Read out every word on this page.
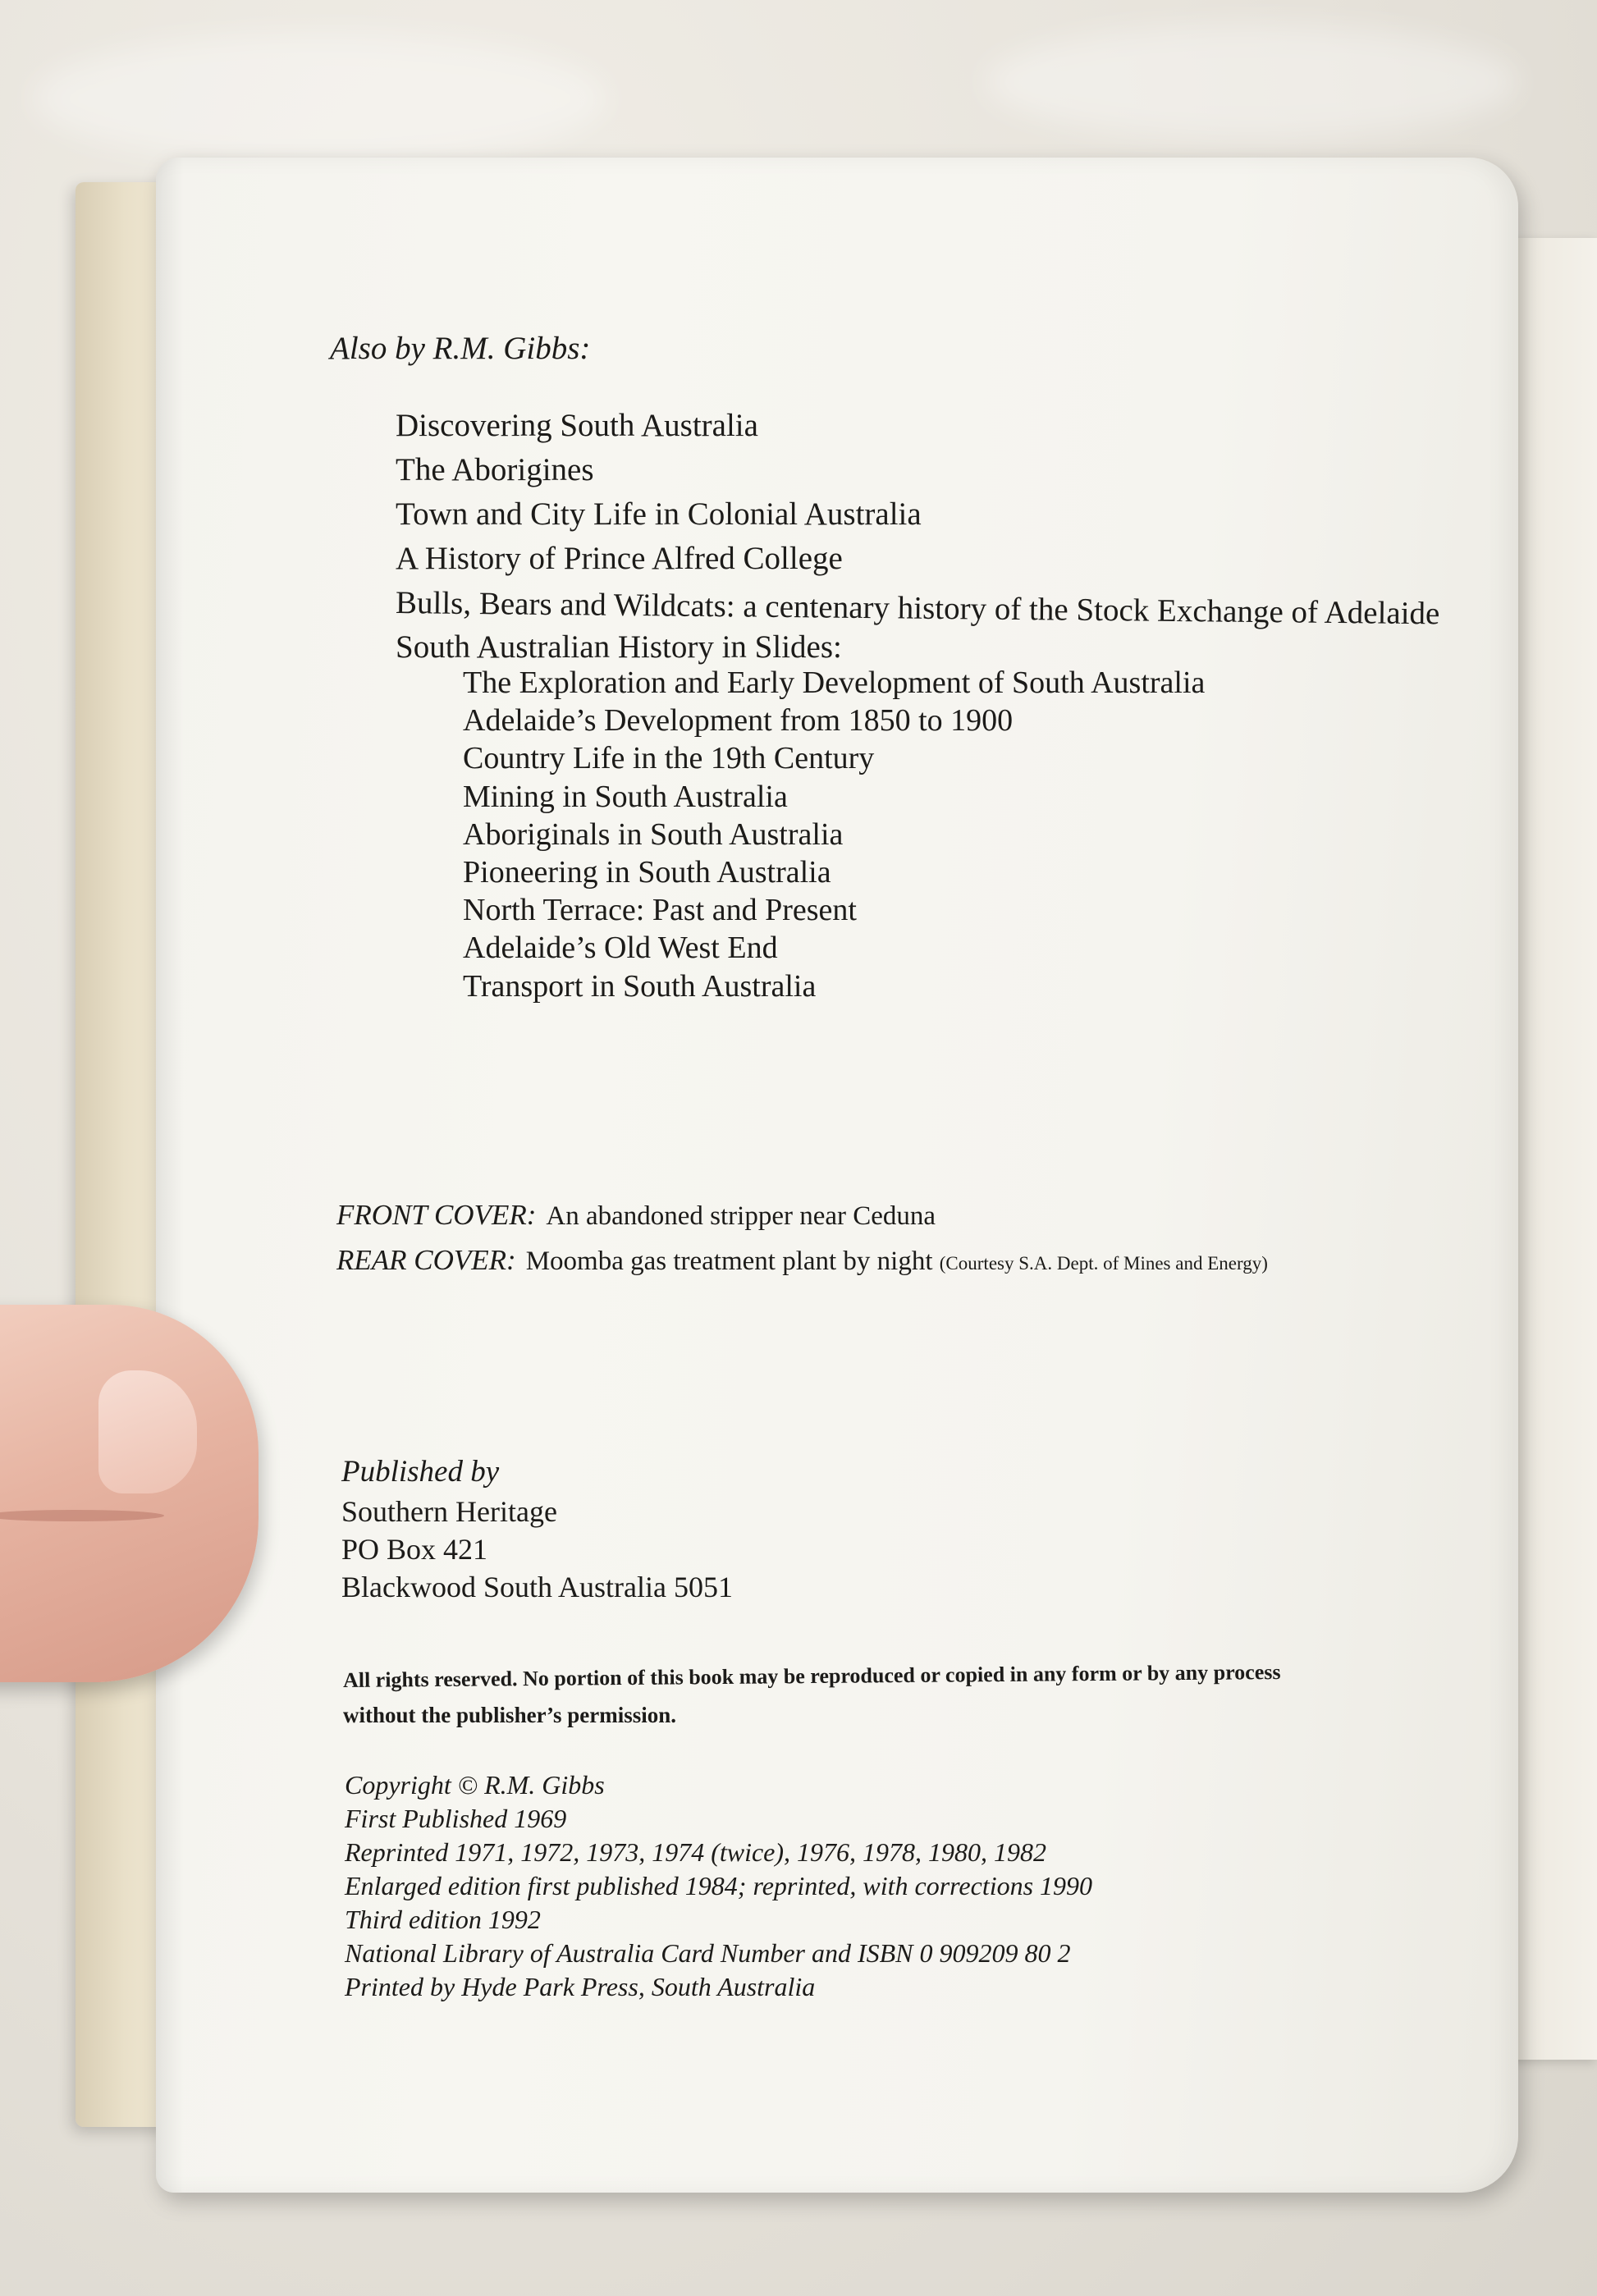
Also by R.M. Gibbs:
Discovering South Australia
The Aborigines
Town and City Life in Colonial Australia
A History of Prince Alfred College
Bulls, Bears and Wildcats: a centenary history of the Stock Exchange of Adelaide
South Australian History in Slides:
The Exploration and Early Development of South Australia
Adelaide’s Development from 1850 to 1900
Country Life in the 19th Century
Mining in South Australia
Aboriginals in South Australia
Pioneering in South Australia
North Terrace: Past and Present
Adelaide’s Old West End
Transport in South Australia
FRONT COVER: An abandoned stripper near Ceduna
REAR COVER: Moomba gas treatment plant by night (Courtesy S.A. Dept. of Mines and Energy)
Published by
Southern Heritage
PO Box 421
Blackwood South Australia 5051
All rights reserved. No portion of this book may be reproduced or copied in any form or by any process
without the publisher’s permission.
Copyright © R.M. Gibbs
First Published 1969
Reprinted 1971, 1972, 1973, 1974 (twice), 1976, 1978, 1980, 1982
Enlarged edition first published 1984; reprinted, with corrections 1990
Third edition 1992
National Library of Australia Card Number and ISBN 0 909209 80 2
Printed by Hyde Park Press, South Australia
